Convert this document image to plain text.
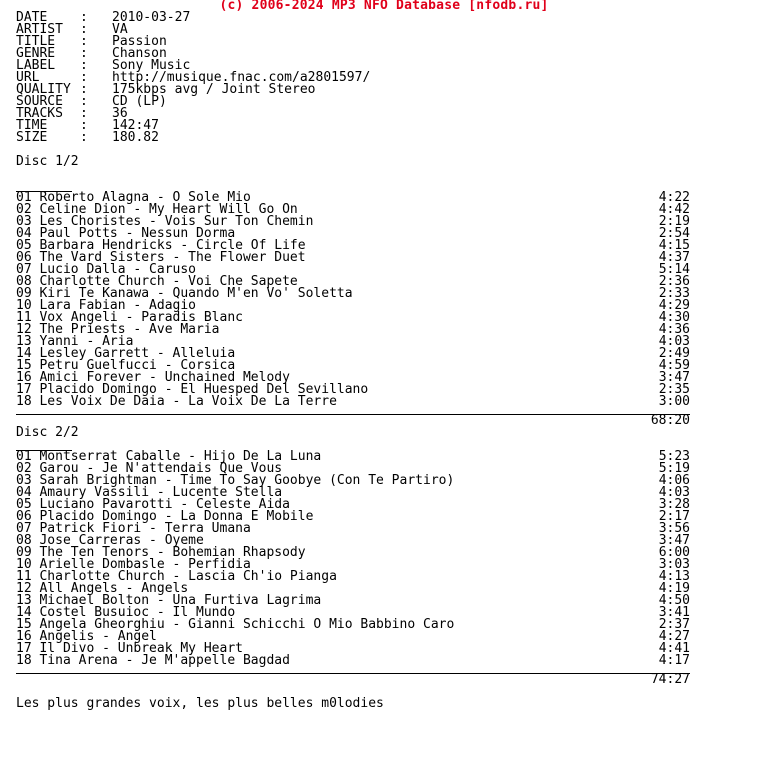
(c) 2006-2024 MP3 NFO Database [nfodb.ru]
DATE	: 2010-03-27
ARTIST : VA
TITLE : Passion
GENRE : Chanson
LABEL : Sony Music
URL	: http://musique.fnac.com/a2801597/
QUALITY : 175kbps avg / Joint Stereo
SOURCE : CD (LP)
TRACKS : 36
TIME	: 142:47
SIZE	: 180.82
Disc 1/2
01 Roberto Alagna - O Sole Mio	4:22
02 Celine Dion - My Heart Will Go On	4:42
03 Les Choristes - Vois Sur Ton Chemin	2:19
04 Paul Potts - Nessun Dorma	2:54
05 Barbara Hendricks - Circle Of Life	4:15
06 The Vard Sisters - The Flower Duet	4:37
07 Lucio Dalla - Caruso	5:14
08 Charlotte Church - Voi Che Sapete	2:36
09 Kiri Te Kanawa - Quando M'en Vo' Soletta	2:33
10 Lara Fabian - Adagio	4:29
11 Vox Angeli - Paradis Blanc	4:30
12 The Priests - Ave Maria	4:36
13 Yanni - Aria	4:03
14 Lesley Garrett - Alleluia	2:49
15 Petru Guelfucci - Corsica	4:59
16 Amici Forever - Unchained Melody	3:47
17 Placido Domingo - El Huesped Del Sevillano	2:35
18 Les Voix De Daia - La Voix De La Terre	3:00
68:20
Disc 2/2
01 Montserrat Caballe - Hijo De La Luna	5:23
02 Garou - Je N'attendais Que Vous	5:19
03 Sarah Brightman - Time To Say Goobye (Con Te Partiro)	4:06
04 Amaury Vassili - Lucente Stella	4:03
05 Luciano Pavarotti - Celeste Aida	3:28
06 Placido Domingo - La Donna E Mobile	2:17
07 Patrick Fiori - Terra Umana	3:56
08 Jose Carreras - Oyeme	3:47
09 The Ten Tenors - Bohemian Rhapsody	6:00
10 Arielle Dombasle - Perfidia	3:03
11 Charlotte Church - Lascia Ch'io Pianga	4:13
12 All Angels - Angels	4:19
13 Michael Bolton - Una Furtiva Lagrima	4:50
14 Costel Busuioc - Il Mundo	3:41
15 Angela Gheorghiu - Gianni Schicchi O Mio Babbino Caro	2:37
16 Angelis - Angel	4:27
17 Il Divo - Unbreak My Heart	4:41
18 Tina Arena - Je M'appelle Bagdad	4:17
74:27
Les plus grandes voix, les plus belles m0lodies
